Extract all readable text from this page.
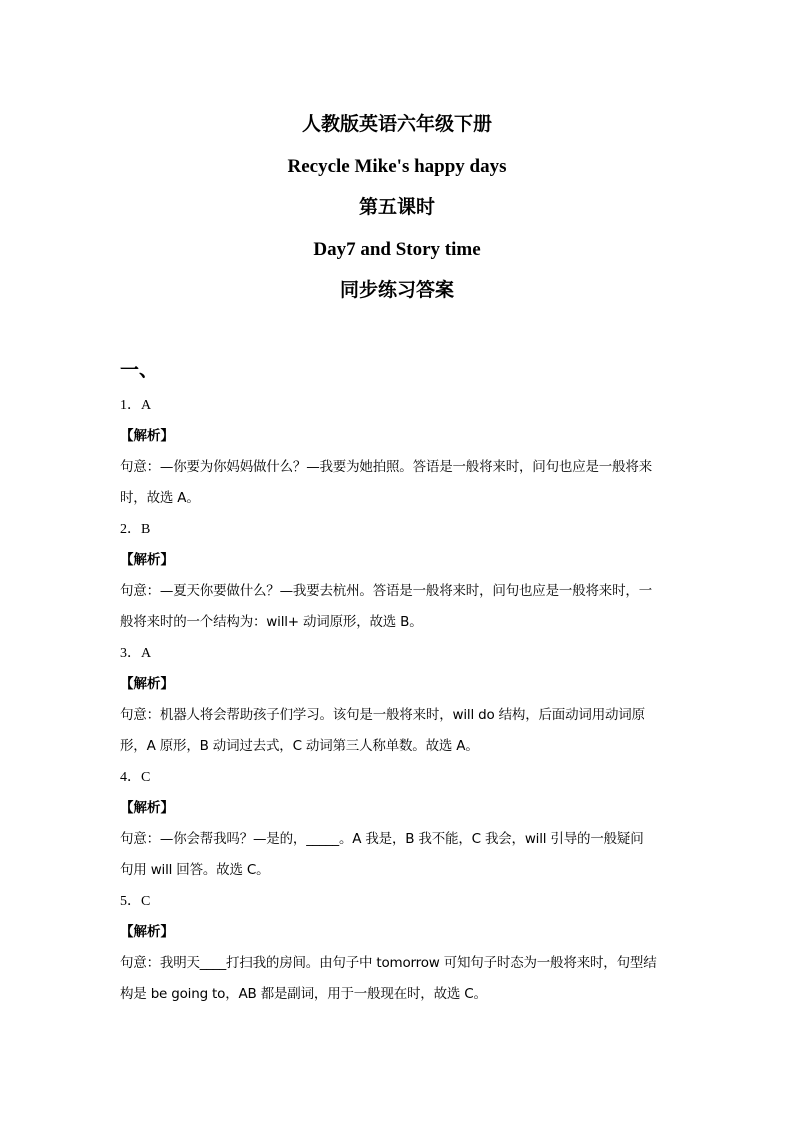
人教版英语六年级下册
Recycle Mike's happy days
第五课时
Day7 and Story time
同步练习答案
一、
1．A
【解析】
句意：—你要为你妈妈做什么？—我要为她拍照。答语是一般将来时，问句也应是一般将来
时，故选 A。
2．B
【解析】
句意：—夏天你要做什么？—我要去杭州。答语是一般将来时，问句也应是一般将来时，一
般将来时的一个结构为：will+ 动词原形，故选 B。
3．A
【解析】
句意：机器人将会帮助孩子们学习。该句是一般将来时，will do 结构，后面动词用动词原
形，A 原形，B 动词过去式，C 动词第三人称单数。故选 A。
4．C
【解析】
句意：—你会帮我吗？—是的，_____。A 我是，B 我不能，C 我会，will 引导的一般疑问
句用 will 回答。故选 C。
5．C
【解析】
句意：我明天____打扫我的房间。由句子中 tomorrow 可知句子时态为一般将来时，句型结
构是 be going to，AB 都是副词，用于一般现在时，故选 C。
